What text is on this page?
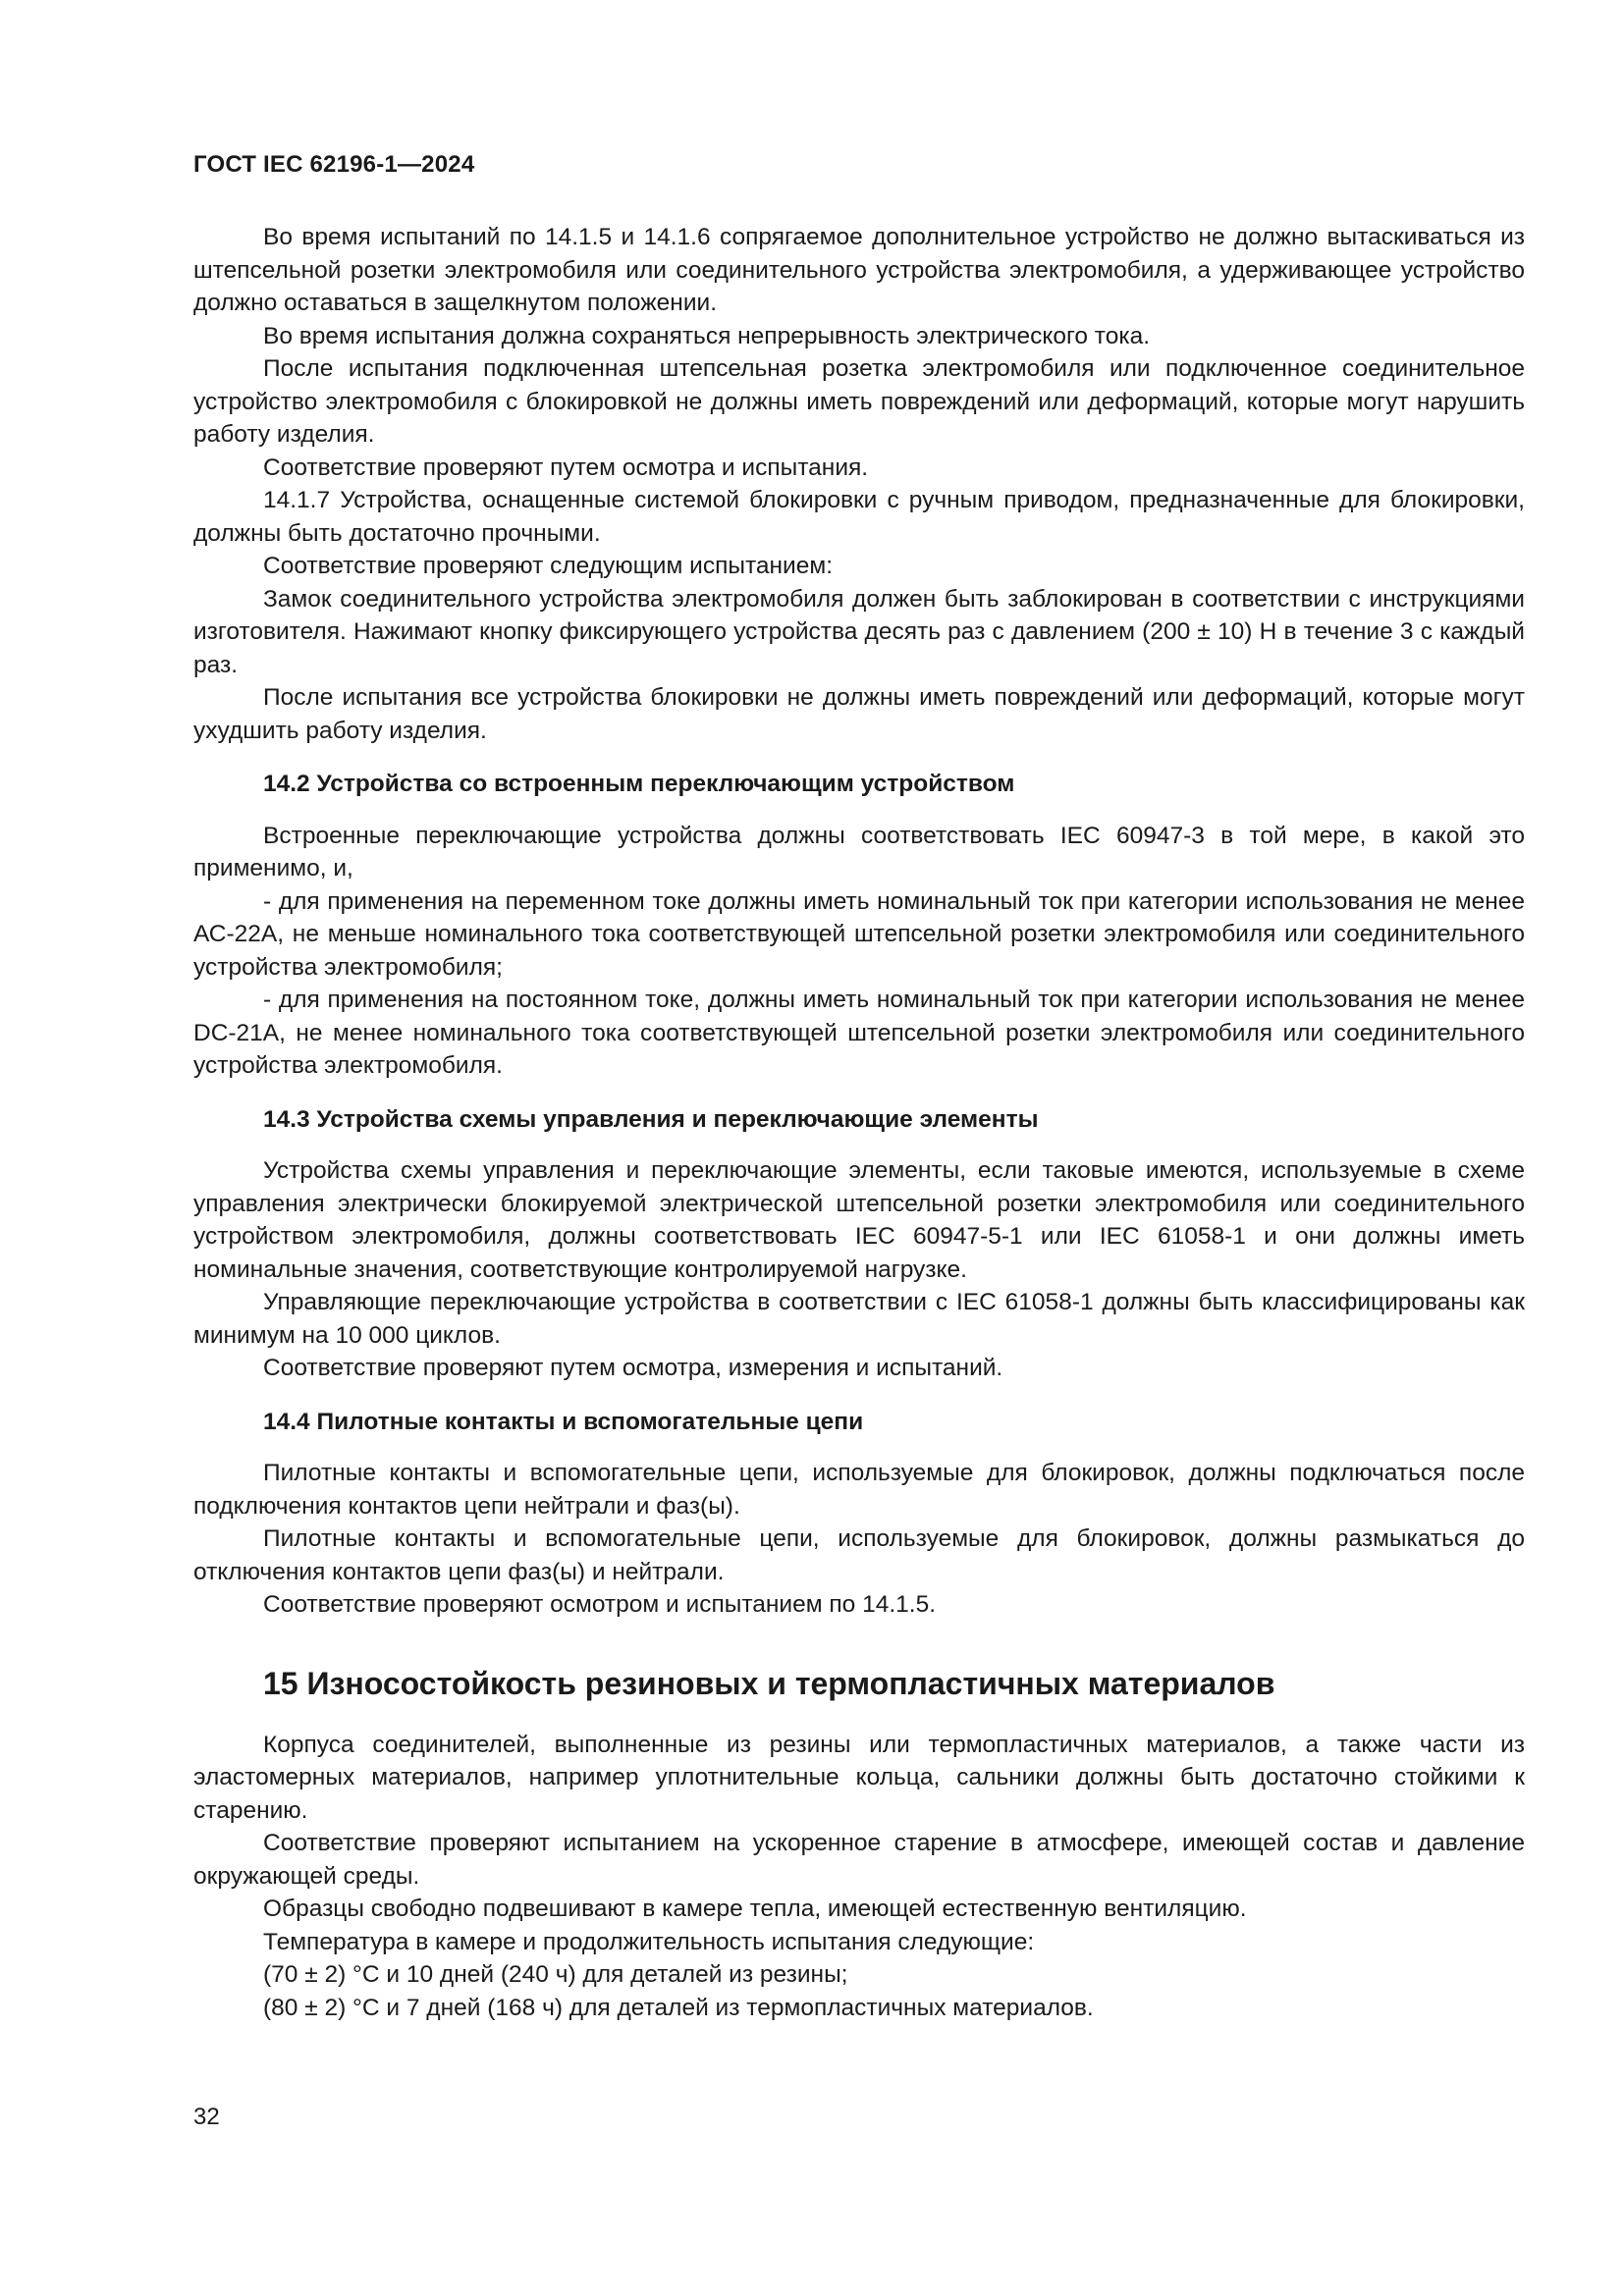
ГОСТ IEC 62196-1—2024

Во время испытаний по 14.1.5 и 14.1.6 сопрягаемое дополнительное устройство не должно вытаскиваться из штепсельной розетки электромобиля или соединительного устройства электромобиля, а удерживающее устройство должно оставаться в защелкнутом положении.

Во время испытания должна сохраняться непрерывность электрического тока.

После испытания подключенная штепсельная розетка электромобиля или подключенное соединительное устройство электромобиля с блокировкой не должны иметь повреждений или деформаций, которые могут нарушить работу изделия.

Соответствие проверяют путем осмотра и испытания.

14.1.7 Устройства, оснащенные системой блокировки с ручным приводом, предназначенные для блокировки, должны быть достаточно прочными.

Соответствие проверяют следующим испытанием:

Замок соединительного устройства электромобиля должен быть заблокирован в соответствии с инструкциями изготовителя. Нажимают кнопку фиксирующего устройства десять раз с давлением (200 ± 10) Н в течение 3 с каждый раз.

После испытания все устройства блокировки не должны иметь повреждений или деформаций, которые могут ухудшить работу изделия.

14.2 Устройства со встроенным переключающим устройством

Встроенные переключающие устройства должны соответствовать IEC 60947-3 в той мере, в какой это применимо, и,

- для применения на переменном токе должны иметь номинальный ток при категории использования не менее АС-22А, не меньше номинального тока соответствующей штепсельной розетки электромобиля или соединительного устройства электромобиля;

- для применения на постоянном токе, должны иметь номинальный ток при категории использования не менее DC-21A, не менее номинального тока соответствующей штепсельной розетки электромобиля или соединительного устройства электромобиля.

14.3 Устройства схемы управления и переключающие элементы

Устройства схемы управления и переключающие элементы, если таковые имеются, используемые в схеме управления электрически блокируемой электрической штепсельной розетки электромобиля или соединительного устройством электромобиля, должны соответствовать IEC 60947-5-1 или IEC 61058-1 и они должны иметь номинальные значения, соответствующие контролируемой нагрузке.

Управляющие переключающие устройства в соответствии с IEC 61058-1 должны быть классифицированы как минимум на 10 000 циклов.

Соответствие проверяют путем осмотра, измерения и испытаний.

14.4 Пилотные контакты и вспомогательные цепи

Пилотные контакты и вспомогательные цепи, используемые для блокировок, должны подключаться после подключения контактов цепи нейтрали и фаз(ы).

Пилотные контакты и вспомогательные цепи, используемые для блокировок, должны размыкаться до отключения контактов цепи фаз(ы) и нейтрали.

Соответствие проверяют осмотром и испытанием по 14.1.5.

15 Износостойкость резиновых и термопластичных материалов

Корпуса соединителей, выполненные из резины или термопластичных материалов, а также части из эластомерных материалов, например уплотнительные кольца, сальники должны быть достаточно стойкими к старению.

Соответствие проверяют испытанием на ускоренное старение в атмосфере, имеющей состав и давление окружающей среды.

Образцы свободно подвешивают в камере тепла, имеющей естественную вентиляцию.

Температура в камере и продолжительность испытания следующие:

(70 ± 2) °С и 10 дней (240 ч) для деталей из резины;

(80 ± 2) °С и 7 дней (168 ч) для деталей из термопластичных материалов.

32
